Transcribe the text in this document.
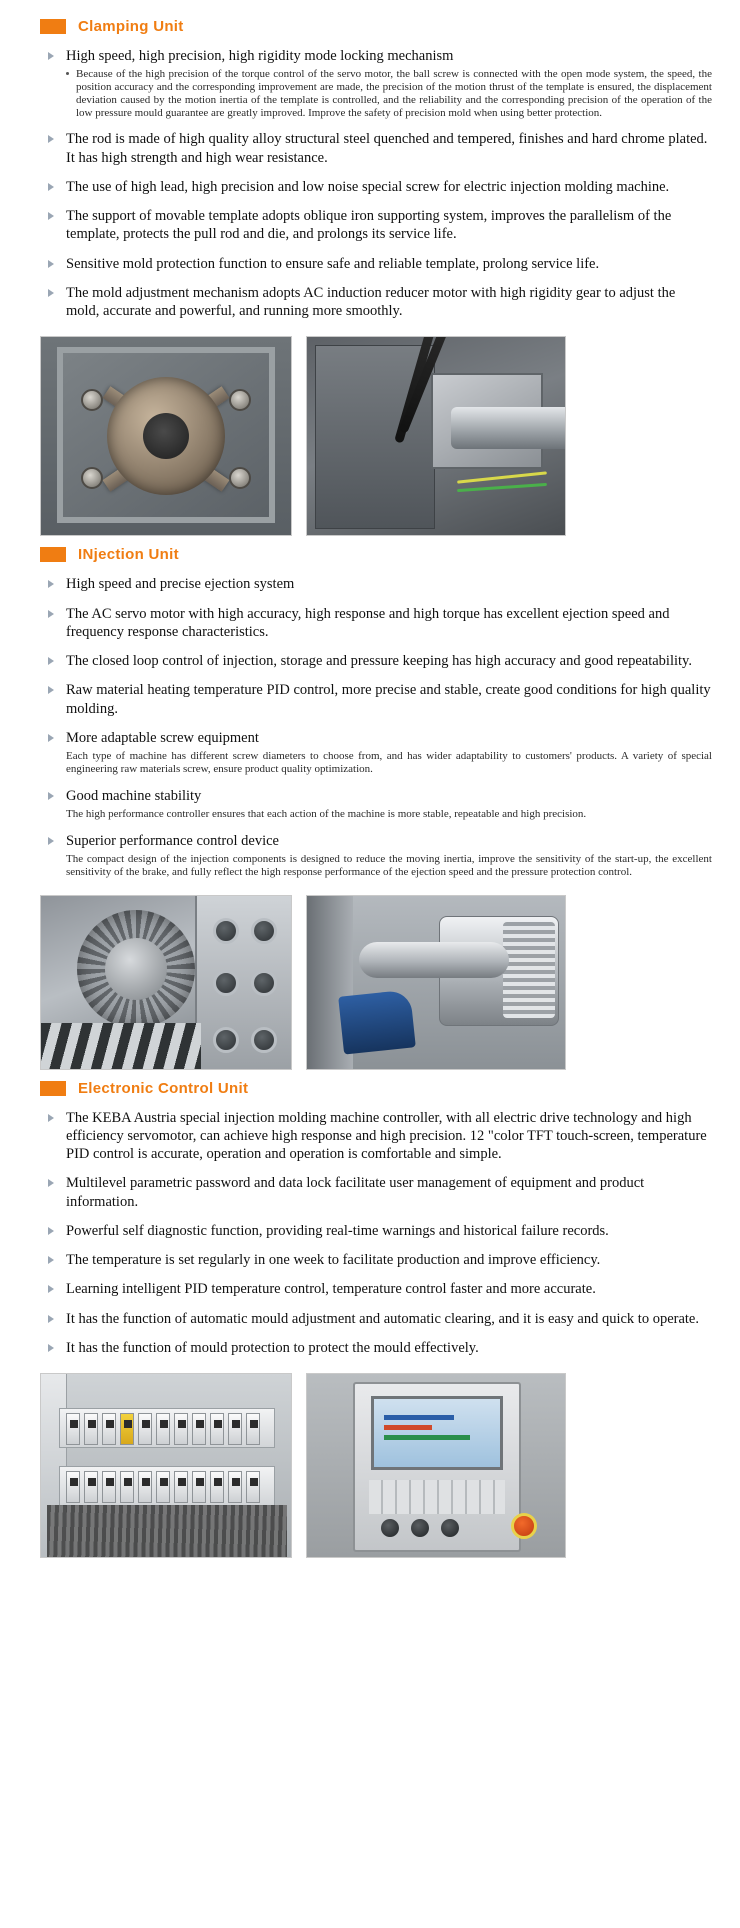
Clamping Unit
High speed, high precision, high rigidity mode locking mechanism
Because of the high precision of the torque control of the servo motor, the ball screw is connected with the open mode system, the speed, the position accuracy and the corresponding improvement are made, the precision of the motion thrust of the template is ensured, the displacement deviation caused by the motion inertia of the template is controlled, and the reliability and the corresponding precision of the operation of the low pressure mould guarantee are greatly improved. Improve the safety of precision mold when using better protection.
The rod is made of high quality alloy structural steel quenched and tempered, finishes and hard chrome plated. It has high strength and high wear resistance.
The use of high lead, high precision and low noise special screw for electric injection molding machine.
The support of movable template adopts oblique iron supporting system, improves the parallelism of the template, protects the pull rod and die, and prolongs its service life.
Sensitive mold protection function to ensure safe and reliable template, prolong service life.
The mold adjustment mechanism adopts AC induction reducer motor with high rigidity gear to adjust the mold, accurate and powerful, and running more smoothly.
INjection Unit
High speed and precise ejection system
The AC servo motor with high accuracy, high response and high torque has excellent ejection speed and frequency response characteristics.
The closed loop control of injection, storage and pressure keeping has high accuracy and good repeatability.
Raw material heating temperature PID control, more precise and stable, create good conditions for high quality molding.
More adaptable screw equipment
Each type of machine has different screw diameters to choose from, and has wider adaptability to customers' products. A variety of special engineering raw materials screw, ensure product quality optimization.
Good machine stability
The high performance controller ensures that each action of the machine is more stable, repeatable and high precision.
Superior performance control device
The compact design of the injection components is designed to reduce the moving inertia, improve the sensitivity of the start-up, the excellent sensitivity of the brake, and fully reflect the high response performance of the ejection speed and the pressure protection control.
Electronic Control Unit
The KEBA Austria special injection molding machine controller, with all electric drive technology and high efficiency servomotor, can achieve high response and high precision. 12 "color TFT touch-screen, temperature PID control is accurate, operation and operation is comfortable and simple.
Multilevel parametric password and data lock facilitate user management of equipment and product information.
Powerful self diagnostic function, providing real-time warnings and historical failure records.
The temperature is set regularly in one week to facilitate production and improve efficiency.
Learning intelligent PID temperature control, temperature control faster and more accurate.
It has the function of automatic mould adjustment and automatic clearing, and it is easy and quick to operate.
It has the function of mould protection to protect the mould effectively.
